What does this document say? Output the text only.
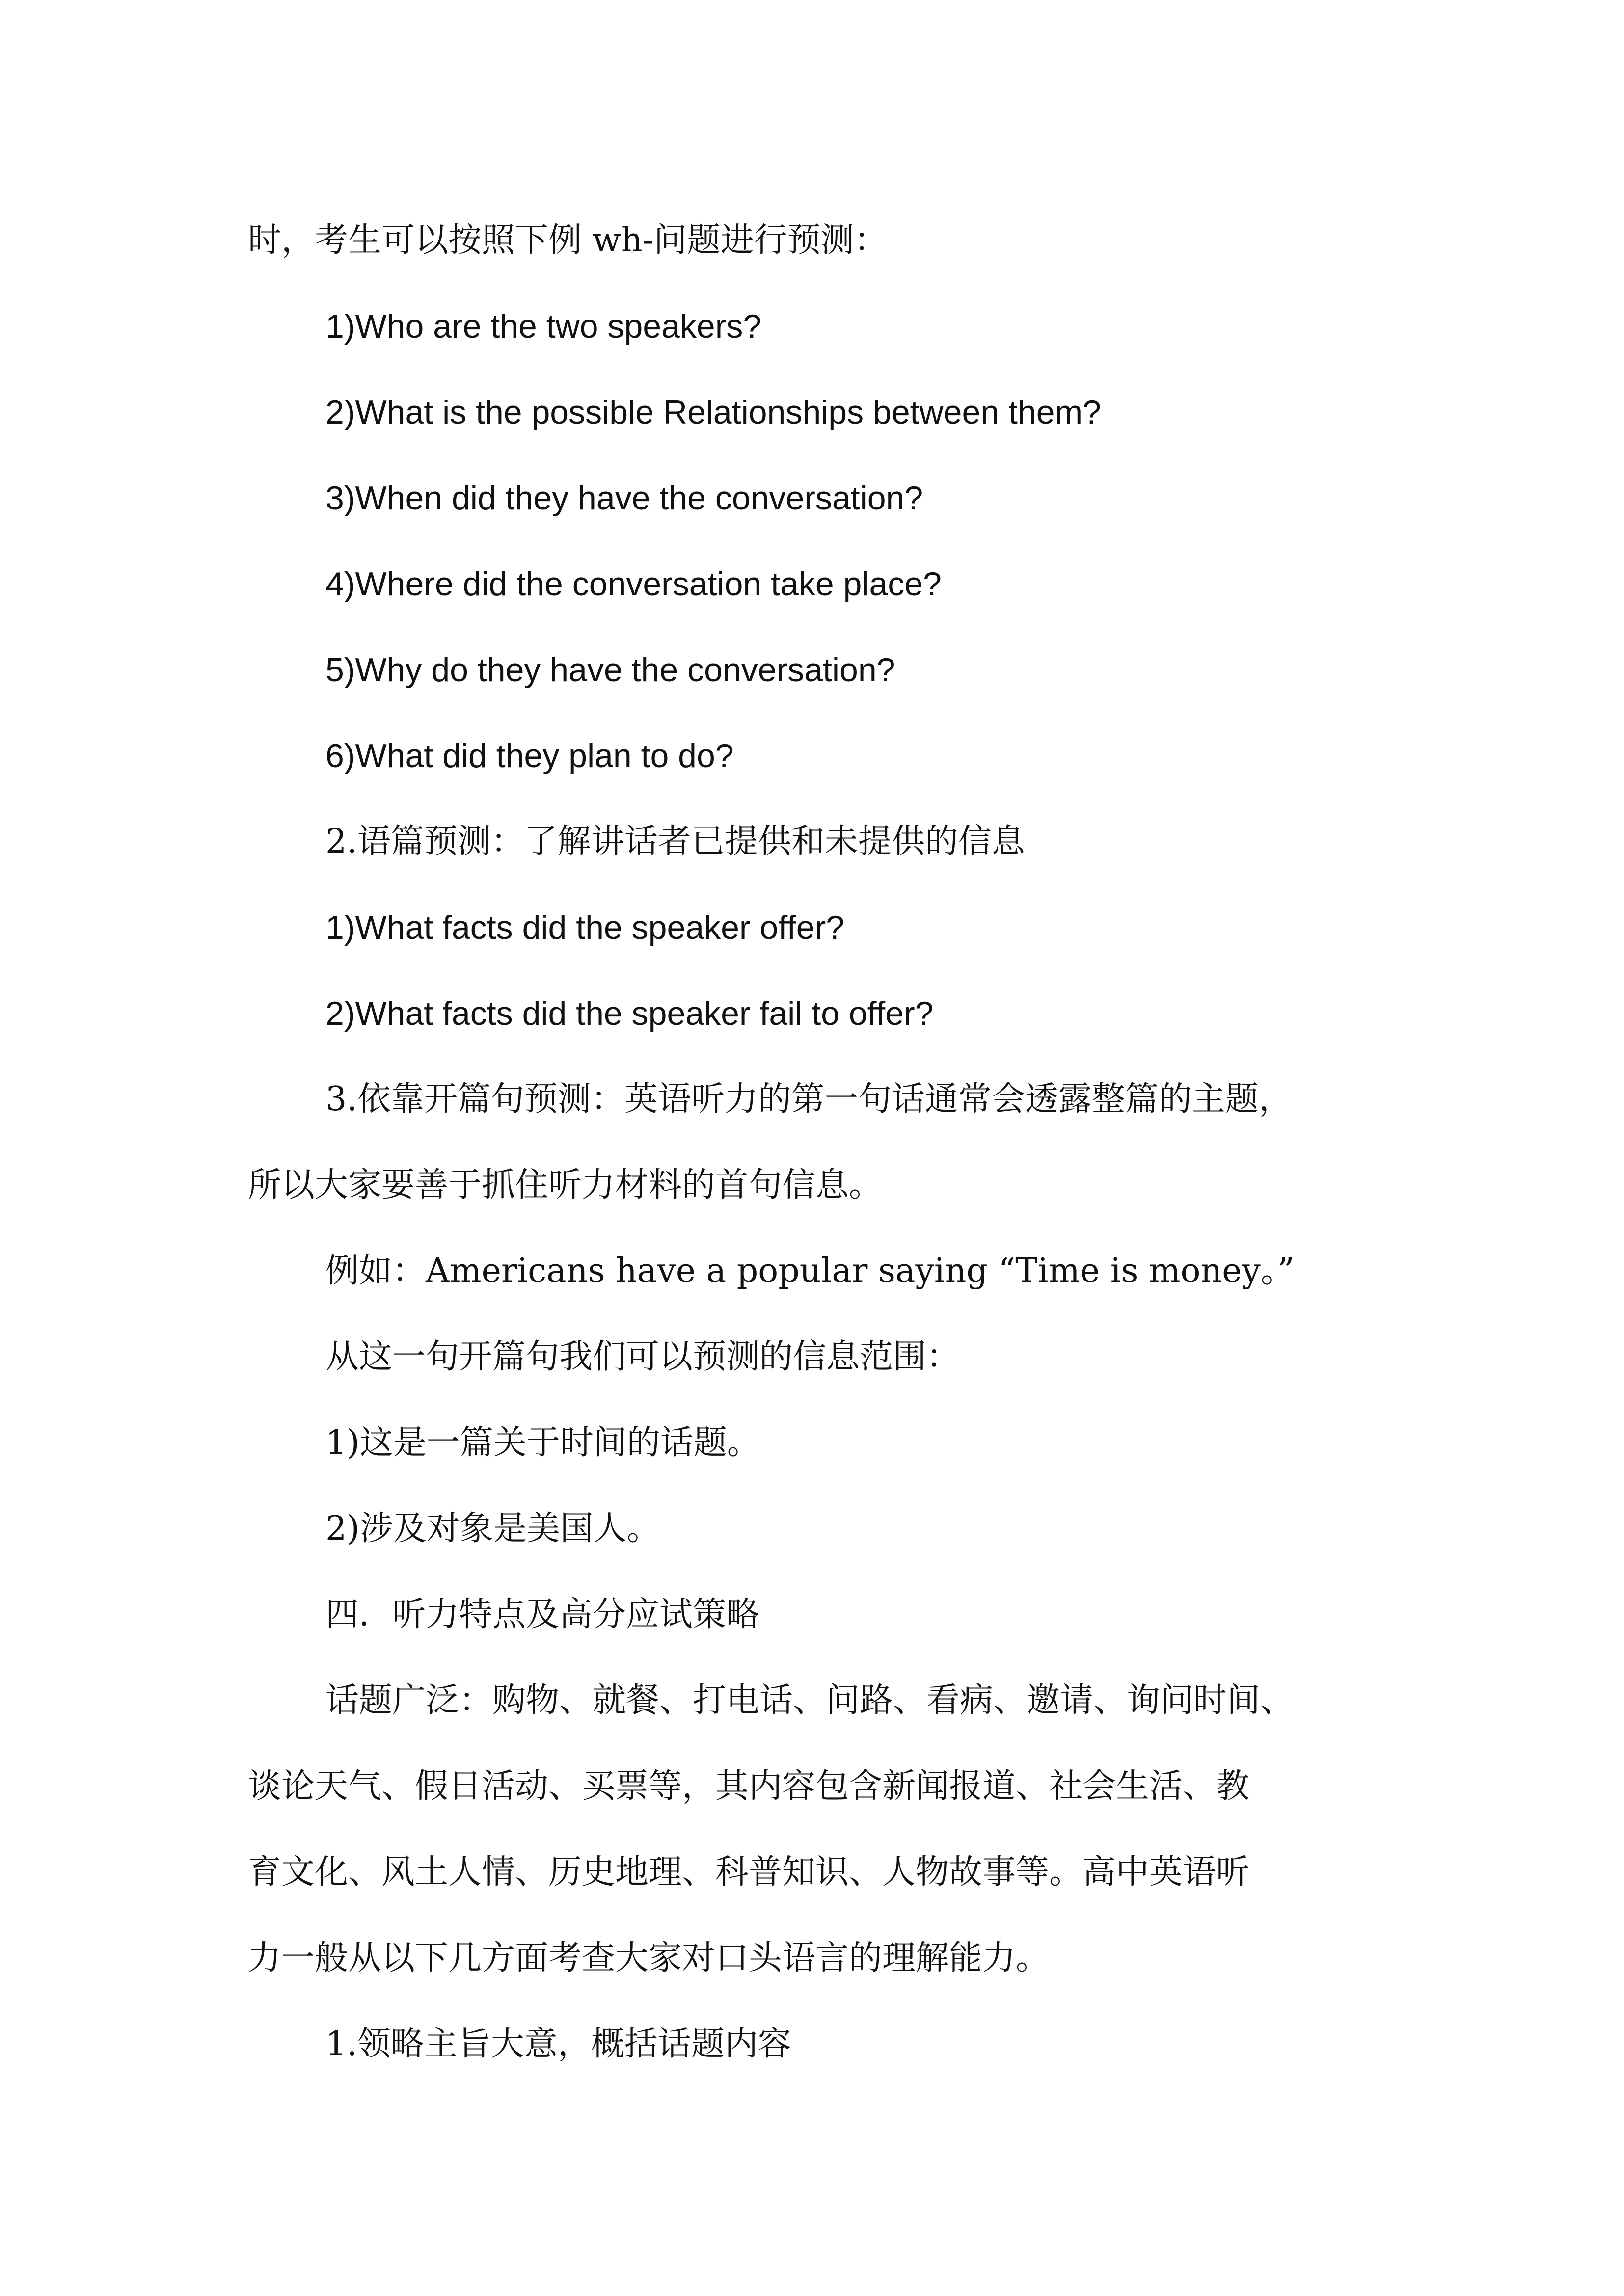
时，考生可以按照下例 wh-问题进行预测：
1)Who are the two speakers?
2)What is the possible Relationships between them?
3)When did they have the conversation?
4)Where did the conversation take place?
5)Why do they have the conversation?
6)What did they plan to do?
2.语篇预测：了解讲话者已提供和未提供的信息
1)What facts did the speaker offer?
2)What facts did the speaker fail to offer?
3.依靠开篇句预测：英语听力的第一句话通常会透露整篇的主题，
所以大家要善于抓住听力材料的首句信息。
例如：Americans have a popular saying “Time is money。”
从这一句开篇句我们可以预测的信息范围：
1)这是一篇关于时间的话题。
2)涉及对象是美国人。
四．听力特点及高分应试策略
话题广泛：购物、就餐、打电话、问路、看病、邀请、询问时间、
谈论天气、假日活动、买票等，其内容包含新闻报道、社会生活、教
育文化、风土人情、历史地理、科普知识、人物故事等。高中英语听
力一般从以下几方面考查大家对口头语言的理解能力。
1.领略主旨大意，概括话题内容
